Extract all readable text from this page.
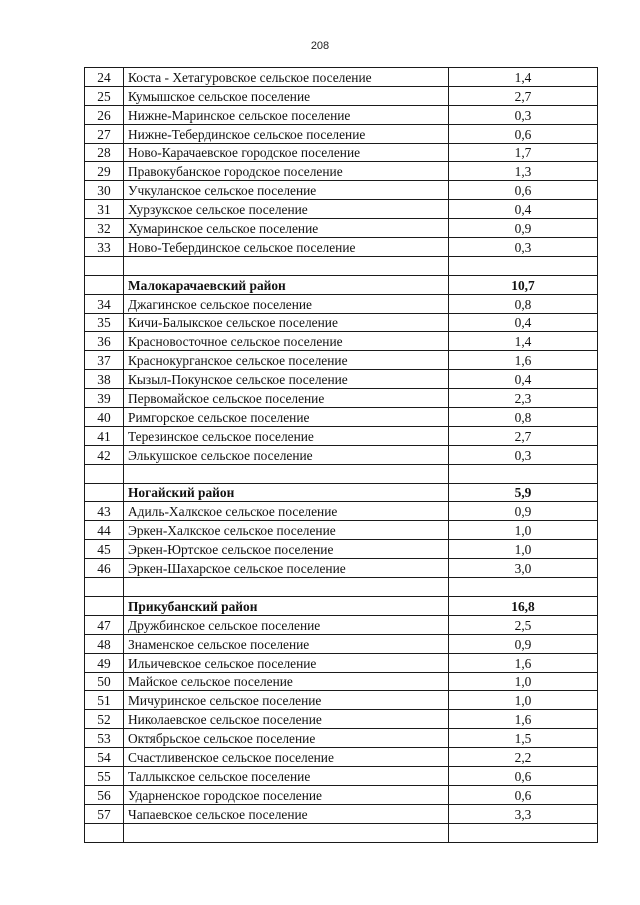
208
24	Коста - Хетагуровское сельское поселение	1,4
25	Кумышское сельское поселение	2,7
26	Нижне-Маринское сельское поселение	0,3
27	Нижне-Тебердинское сельское поселение	0,6
28	Ново-Карачаевское городское поселение	1,7
29	Правокубанское городское поселение	1,3
30	Учкуланское сельское поселение	0,6
31	Хурзукское сельское поселение	0,4
32	Хумаринское сельское поселение	0,9
33	Ново-Тебердинское сельское поселение	0,3

	Малокарачаевский район	10,7
34	Джагинское сельское поселение	0,8
35	Кичи-Балыкское сельское поселение	0,4
36	Красновосточное сельское поселение	1,4
37	Краснокурганское сельское поселение	1,6
38	Кызыл-Покунское сельское поселение	0,4
39	Первомайское сельское поселение	2,3
40	Римгорское сельское поселение	0,8
41	Терезинское сельское поселение	2,7
42	Элькушское сельское поселение	0,3

	Ногайский район	5,9
43	Адиль-Халкское сельское поселение	0,9
44	Эркен-Халкское сельское поселение	1,0
45	Эркен-Юртское сельское поселение	1,0
46	Эркен-Шахарское сельское поселение	3,0

	Прикубанский район	16,8
47	Дружбинское сельское поселение	2,5
48	Знаменское сельское поселение	0,9
49	Ильичевское сельское поселение	1,6
50	Майское сельское поселение	1,0
51	Мичуринское сельское поселение	1,0
52	Николаевское сельское поселение	1,6
53	Октябрьское сельское поселение	1,5
54	Счастливенское сельское поселение	2,2
55	Таллыкское сельское поселение	0,6
56	Ударненское городское поселение	0,6
57	Чапаевское сельское поселение	3,3
